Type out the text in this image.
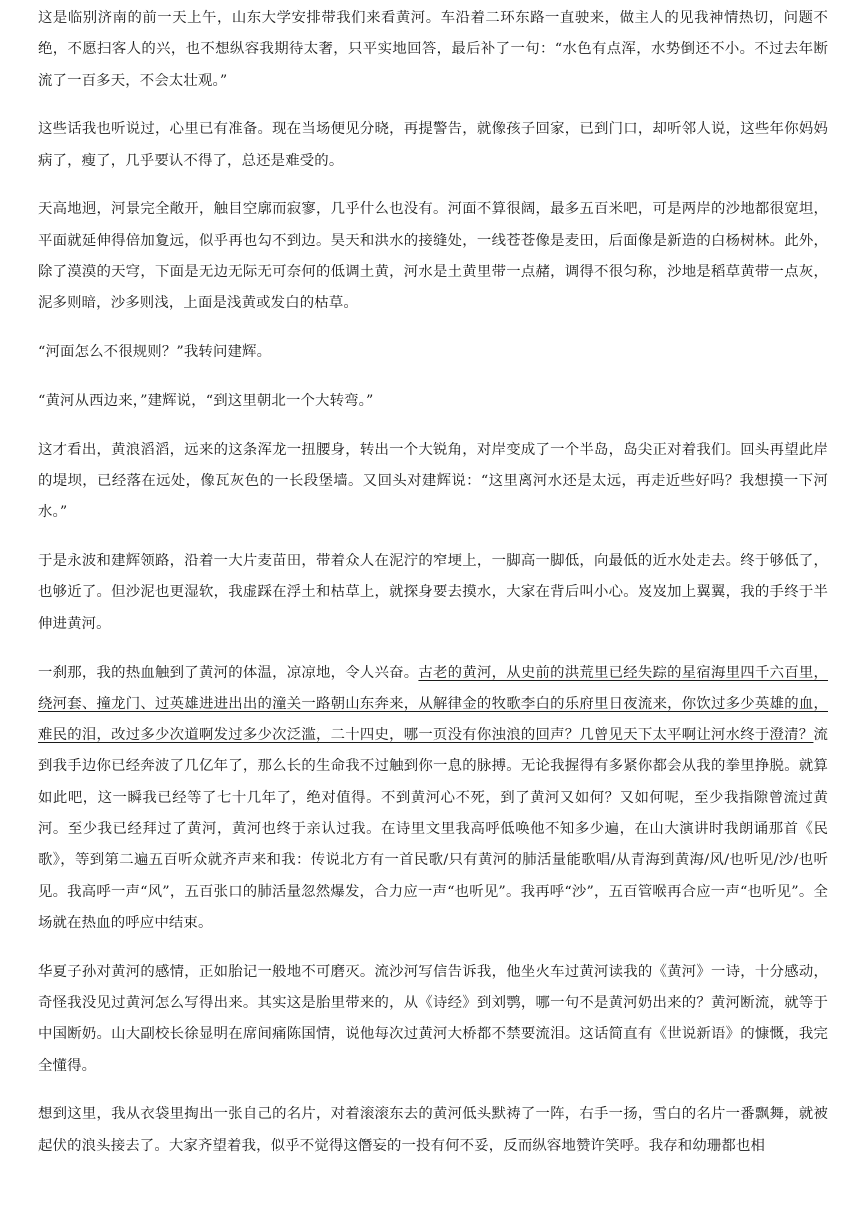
这是临别济南的前一天上午，山东大学安排带我们来看黄河。车沿着二环东路一直驶来，做主人的见我神情热切，问题不绝，不愿扫客人的兴，也不想纵容我期待太奢，只平实地回答，最后补了一句：“水色有点浑，水势倒还不小。不过去年断流了一百多天，不会太壮观。”

这些话我也听说过，心里已有准备。现在当场便见分晓，再提警告，就像孩子回家，已到门口，却听邻人说，这些年你妈妈病了，瘦了，几乎要认不得了，总还是难受的。

天高地迥，河景完全敞开，触目空廓而寂寥，几乎什么也没有。河面不算很阔，最多五百米吧，可是两岸的沙地都很宽坦，平面就延伸得倍加夐远，似乎再也勾不到边。昊天和洪水的接缝处，一线苍苍像是麦田，后面像是新造的白杨树林。此外，除了漠漠的天穹，下面是无边无际无可奈何的低调土黄，河水是土黄里带一点赭，调得不很匀称，沙地是稻草黄带一点灰，泥多则暗，沙多则浅，上面是浅黄或发白的枯草。

“河面怎么不很规则？”我转问建辉。

“黄河从西边来，”建辉说，“到这里朝北一个大转弯。”

这才看出，黄浪滔滔，远来的这条浑龙一扭腰身，转出一个大锐角，对岸变成了一个半岛，岛尖正对着我们。回头再望此岸的堤坝，已经落在远处，像瓦灰色的一长段堡墙。又回头对建辉说：“这里离河水还是太远，再走近些好吗？我想摸一下河水。”

于是永波和建辉领路，沿着一大片麦苗田，带着众人在泥泞的窄埂上，一脚高一脚低，向最低的近水处走去。终于够低了，也够近了。但沙泥也更湿软，我虚踩在浮土和枯草上，就探身要去摸水，大家在背后叫小心。岌岌加上翼翼，我的手终于半伸进黄河。

一刹那，我的热血触到了黄河的体温，凉凉地，令人兴奋。古老的黄河，从史前的洪荒里已经失踪的星宿海里四千六百里，绕河套、撞龙门、过英雄进进出出的潼关一路朝山东奔来，从解律金的牧歌李白的乐府里日夜流来，你饮过多少英雄的血，难民的泪，改过多少次道啊发过多少次泛滥，二十四史，哪一页没有你浊浪的回声？几曾见天下太平啊让河水终于澄清？流到我手边你已经奔波了几亿年了，那么长的生命我不过触到你一息的脉搏。无论我握得有多紧你都会从我的拳里挣脱。就算如此吧，这一瞬我已经等了七十几年了，绝对值得。不到黄河心不死，到了黄河又如何？又如何呢，至少我指隙曾流过黄河。至少我已经拜过了黄河，黄河也终于亲认过我。在诗里文里我高呼低唤他不知多少遍，在山大演讲时我朗诵那首《民歌》，等到第二遍五百听众就齐声来和我：传说北方有一首民歌/只有黄河的肺活量能歌唱/从青海到黄海/风/也听见/沙/也听见。我高呼一声“风”，五百张口的肺活量忽然爆发，合力应一声“也听见”。我再呼“沙”，五百管喉再合应一声“也听见”。全场就在热血的呼应中结束。

华夏子孙对黄河的感情，正如胎记一般地不可磨灭。流沙河写信告诉我，他坐火车过黄河读我的《黄河》一诗，十分感动，奇怪我没见过黄河怎么写得出来。其实这是胎里带来的，从《诗经》到刘鹗，哪一句不是黄河奶出来的？黄河断流，就等于中国断奶。山大副校长徐显明在席间痛陈国情，说他每次过黄河大桥都不禁要流泪。这话简直有《世说新语》的慷慨，我完全懂得。

想到这里，我从衣袋里掏出一张自己的名片，对着滚滚东去的黄河低头默祷了一阵，右手一扬，雪白的名片一番飘舞，就被起伏的浪头接去了。大家齐望着我，似乎不觉得这僭妄的一投有何不妥，反而纵容地赞许笑呼。我存和幼珊都也相
